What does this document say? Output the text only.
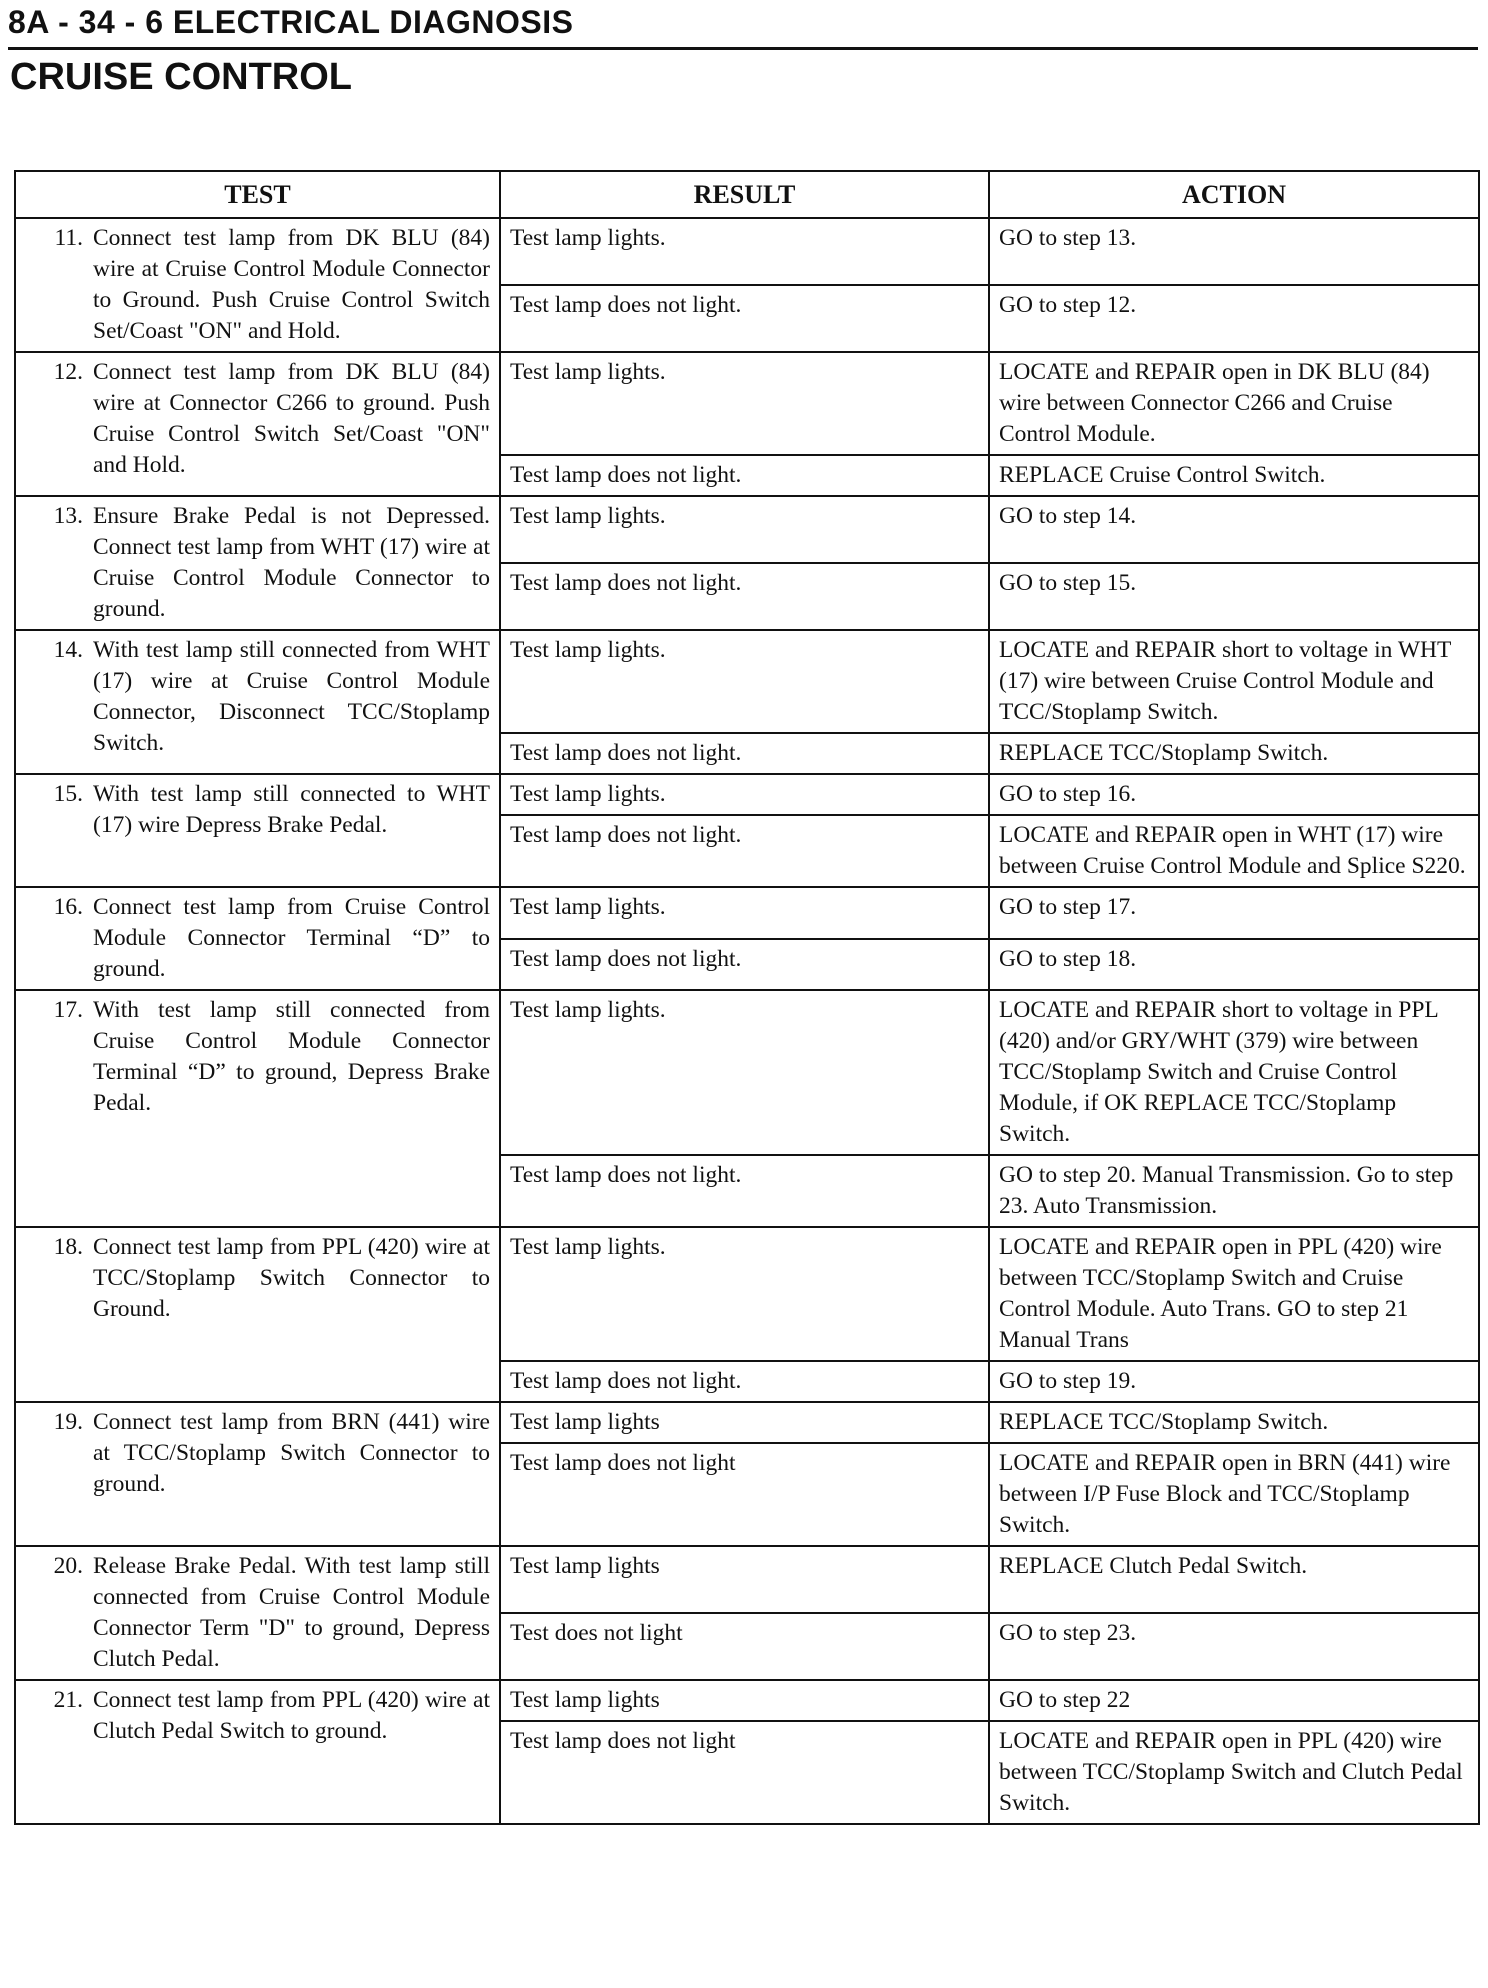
8A - 34 - 6 ELECTRICAL DIAGNOSIS
CRUISE CONTROL
TEST	RESULT	ACTION

11. Connect test lamp from DK BLU (84) wire at Cruise Control Module Connector to Ground. Push Cruise Control Switch Set/Coast "ON" and Hold.	Test lamp lights.	GO to step 13.
	Test lamp does not light.	GO to step 12.

12. Connect test lamp from DK BLU (84) wire at Connector C266 to ground. Push Cruise Control Switch Set/Coast "ON" and Hold.	Test lamp lights.	LOCATE and REPAIR open in DK BLU (84) wire between Connector C266 and Cruise Control Module.
	Test lamp does not light.	REPLACE Cruise Control Switch.

13. Ensure Brake Pedal is not Depressed. Connect test lamp from WHT (17) wire at Cruise Control Module Connector to ground.	Test lamp lights.	GO to step 14.
	Test lamp does not light.	GO to step 15.

14. With test lamp still connected from WHT (17) wire at Cruise Control Module Connector, Disconnect TCC/Stoplamp Switch.	Test lamp lights.	LOCATE and REPAIR short to voltage in WHT (17) wire between Cruise Control Module and TCC/Stoplamp Switch.
	Test lamp does not light.	REPLACE TCC/Stoplamp Switch.

15. With test lamp still connected to WHT (17) wire Depress Brake Pedal.	Test lamp lights.	GO to step 16.
	Test lamp does not light.	LOCATE and REPAIR open in WHT (17) wire between Cruise Control Module and Splice S220.

16. Connect test lamp from Cruise Control Module Connector Terminal “D” to ground.	Test lamp lights.	GO to step 17.
	Test lamp does not light.	GO to step 18.

17. With test lamp still connected from Cruise Control Module Connector Terminal “D” to ground, Depress Brake Pedal.	Test lamp lights.	LOCATE and REPAIR short to voltage in PPL (420) and/or GRY/WHT (379) wire between TCC/Stoplamp Switch and Cruise Control Module, if OK REPLACE TCC/Stoplamp Switch.
	Test lamp does not light.	GO to step 20. Manual Transmission. Go to step 23. Auto Transmission.

18. Connect test lamp from PPL (420) wire at TCC/Stoplamp Switch Connector to Ground.	Test lamp lights.	LOCATE and REPAIR open in PPL (420) wire between TCC/Stoplamp Switch and Cruise Control Module. Auto Trans. GO to step 21 Manual Trans
	Test lamp does not light.	GO to step 19.

19. Connect test lamp from BRN (441) wire at TCC/Stoplamp Switch Connector to ground.	Test lamp lights	REPLACE TCC/Stoplamp Switch.
	Test lamp does not light	LOCATE and REPAIR open in BRN (441) wire between I/P Fuse Block and TCC/Stoplamp Switch.

20. Release Brake Pedal. With test lamp still connected from Cruise Control Module Connector Term "D" to ground, Depress Clutch Pedal.	Test lamp lights	REPLACE Clutch Pedal Switch.
	Test does not light	GO to step 23.

21. Connect test lamp from PPL (420) wire at Clutch Pedal Switch to ground.	Test lamp lights	GO to step 22
	Test lamp does not light	LOCATE and REPAIR open in PPL (420) wire between TCC/Stoplamp Switch and Clutch Pedal Switch.
